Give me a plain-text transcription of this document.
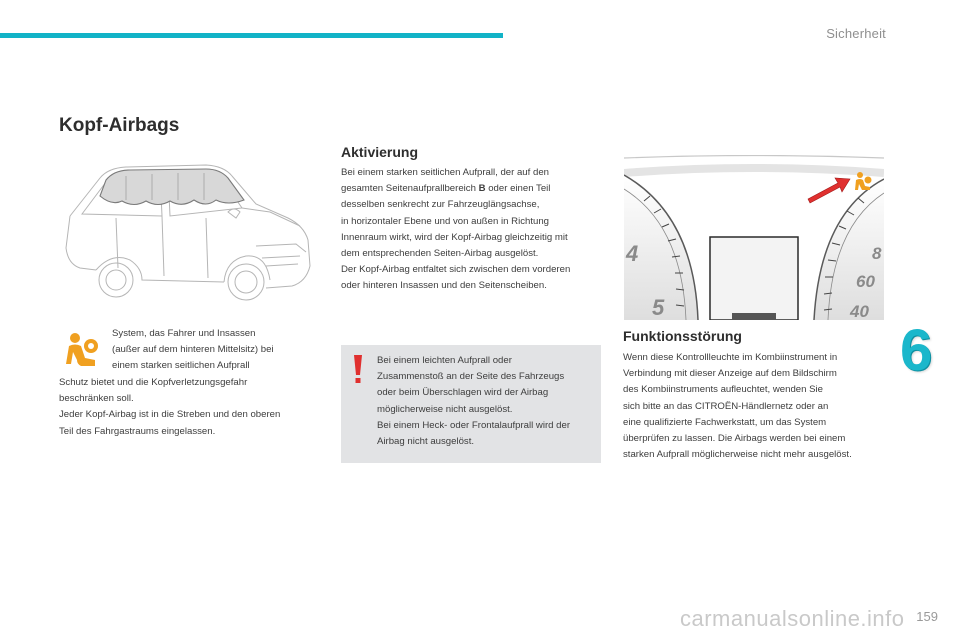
Sicherheit
Kopf-Airbags

System, das Fahrer und Insassen

(außer auf dem hinteren Mittelsitz) bei

einem starken seitlichen Aufprall

Schutz bietet und die Kopfverletzungsgefahr

beschränken soll.

Jeder Kopf-Airbag ist in die Streben und den oberen

Teil des Fahrgastraums eingelassen.

Aktivierung

Bei einem starken seitlichen Aufprall, der auf den

gesamten Seitenaufprallbereich B oder einen Teil

desselben senkrecht zur Fahrzeuglängsachse,

in horizontaler Ebene und von außen in Richtung

Innenraum wirkt, wird der Kopf-Airbag gleichzeitig mit

dem entsprechenden Seiten-Airbag ausgelöst.

Der Kopf-Airbag entfaltet sich zwischen dem vorderen

oder hinteren Insassen und den Seitenscheiben.

Bei einem leichten Aufprall oder

Zusammenstoß an der Seite des Fahrzeugs

oder beim Überschlagen wird der Airbag

möglicherweise nicht ausgelöst.

Bei einem Heck- oder Frontalaufprall wird der

Airbag nicht ausgelöst.

4
5
8
60
40
Funktionsstörung

Wenn diese Kontrollleuchte im Kombiinstrument in

Verbindung mit dieser Anzeige auf dem Bildschirm

des Kombiinstruments aufleuchtet, wenden Sie

sich bitte an das CITROËN-Händlernetz oder an

eine qualifizierte Fachwerkstatt, um das System

überprüfen zu lassen. Die Airbags werden bei einem

starken Aufprall möglicherweise nicht mehr ausgelöst.

6
carmanualsonline.info 159
